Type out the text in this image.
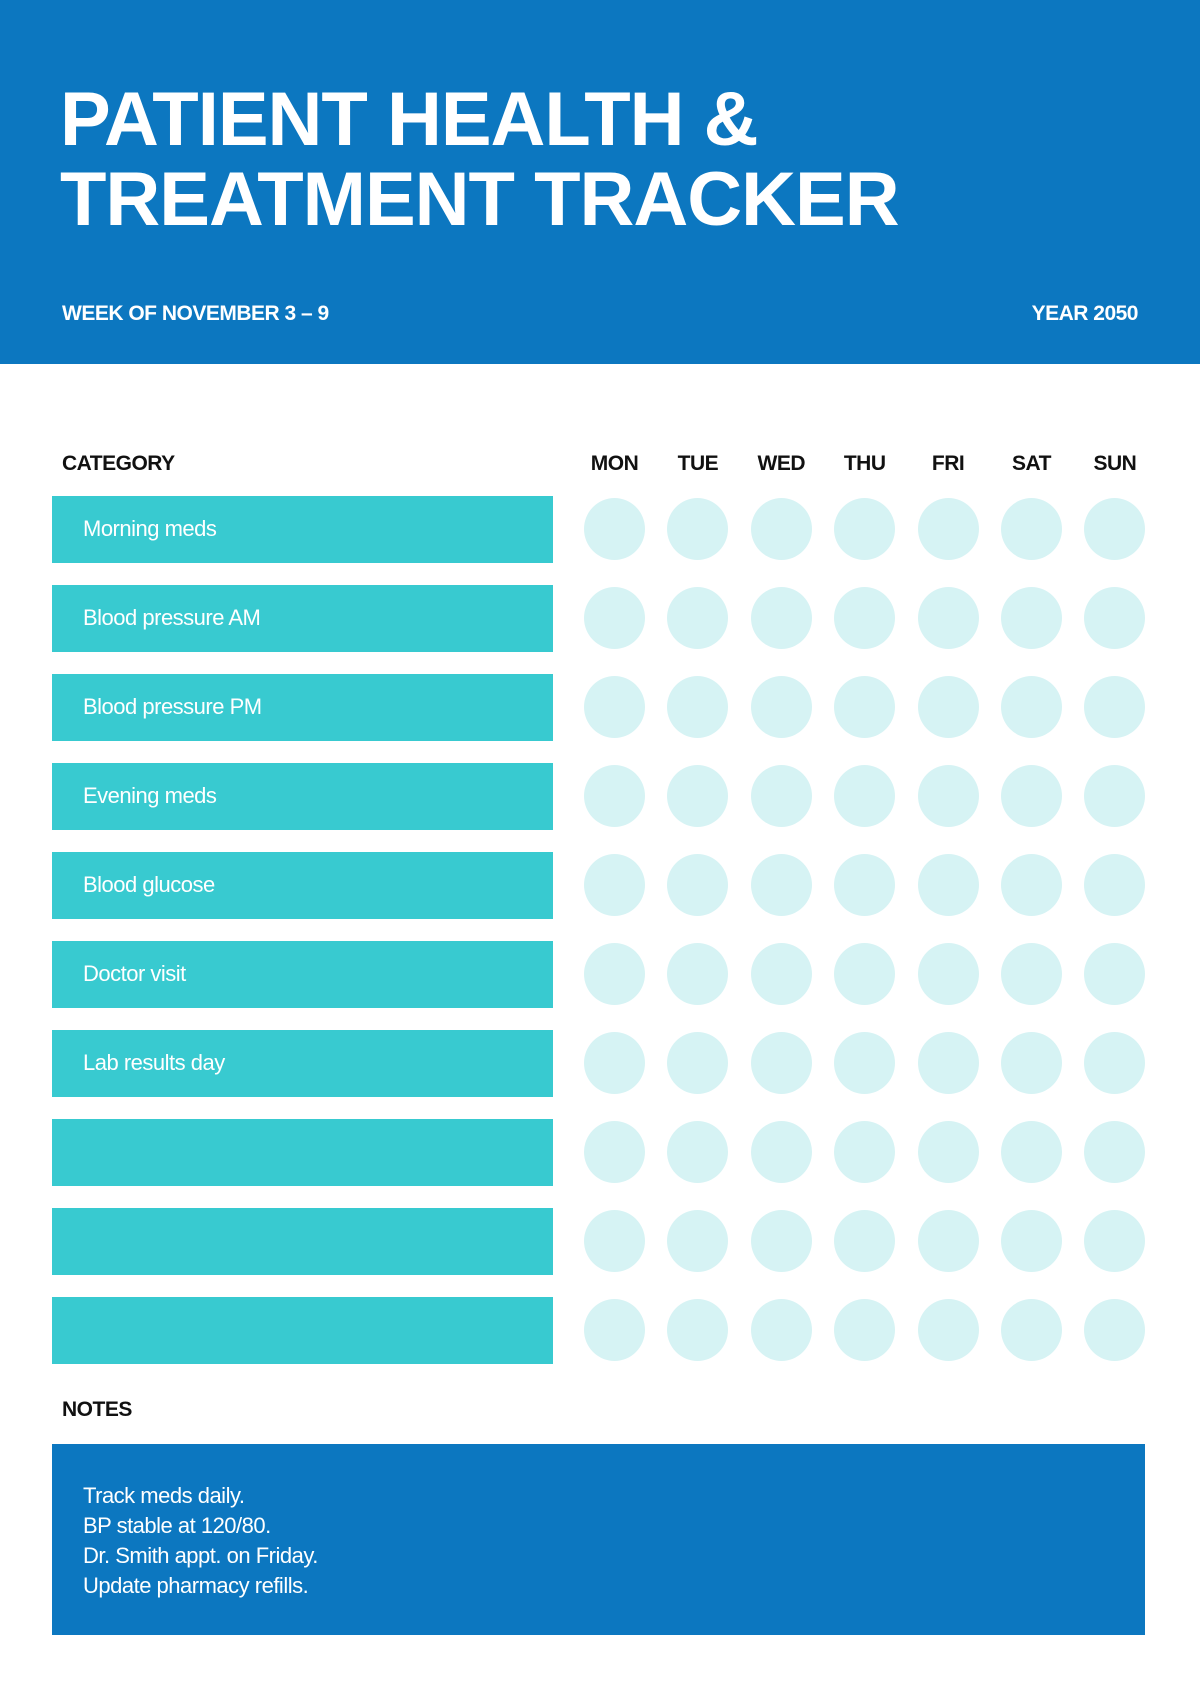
PATIENT HEALTH &
TREATMENT TRACKER
WEEK OF NOVEMBER 3 – 9	YEAR 2050
CATEGORY	MON	TUE	WED	THU	FRI	SAT	SUN
Morning meds
Blood pressure AM
Blood pressure PM
Evening meds
Blood glucose
Doctor visit
Lab results day
NOTES
Track meds daily.
BP stable at 120/80.
Dr. Smith appt. on Friday.
Update pharmacy refills.
